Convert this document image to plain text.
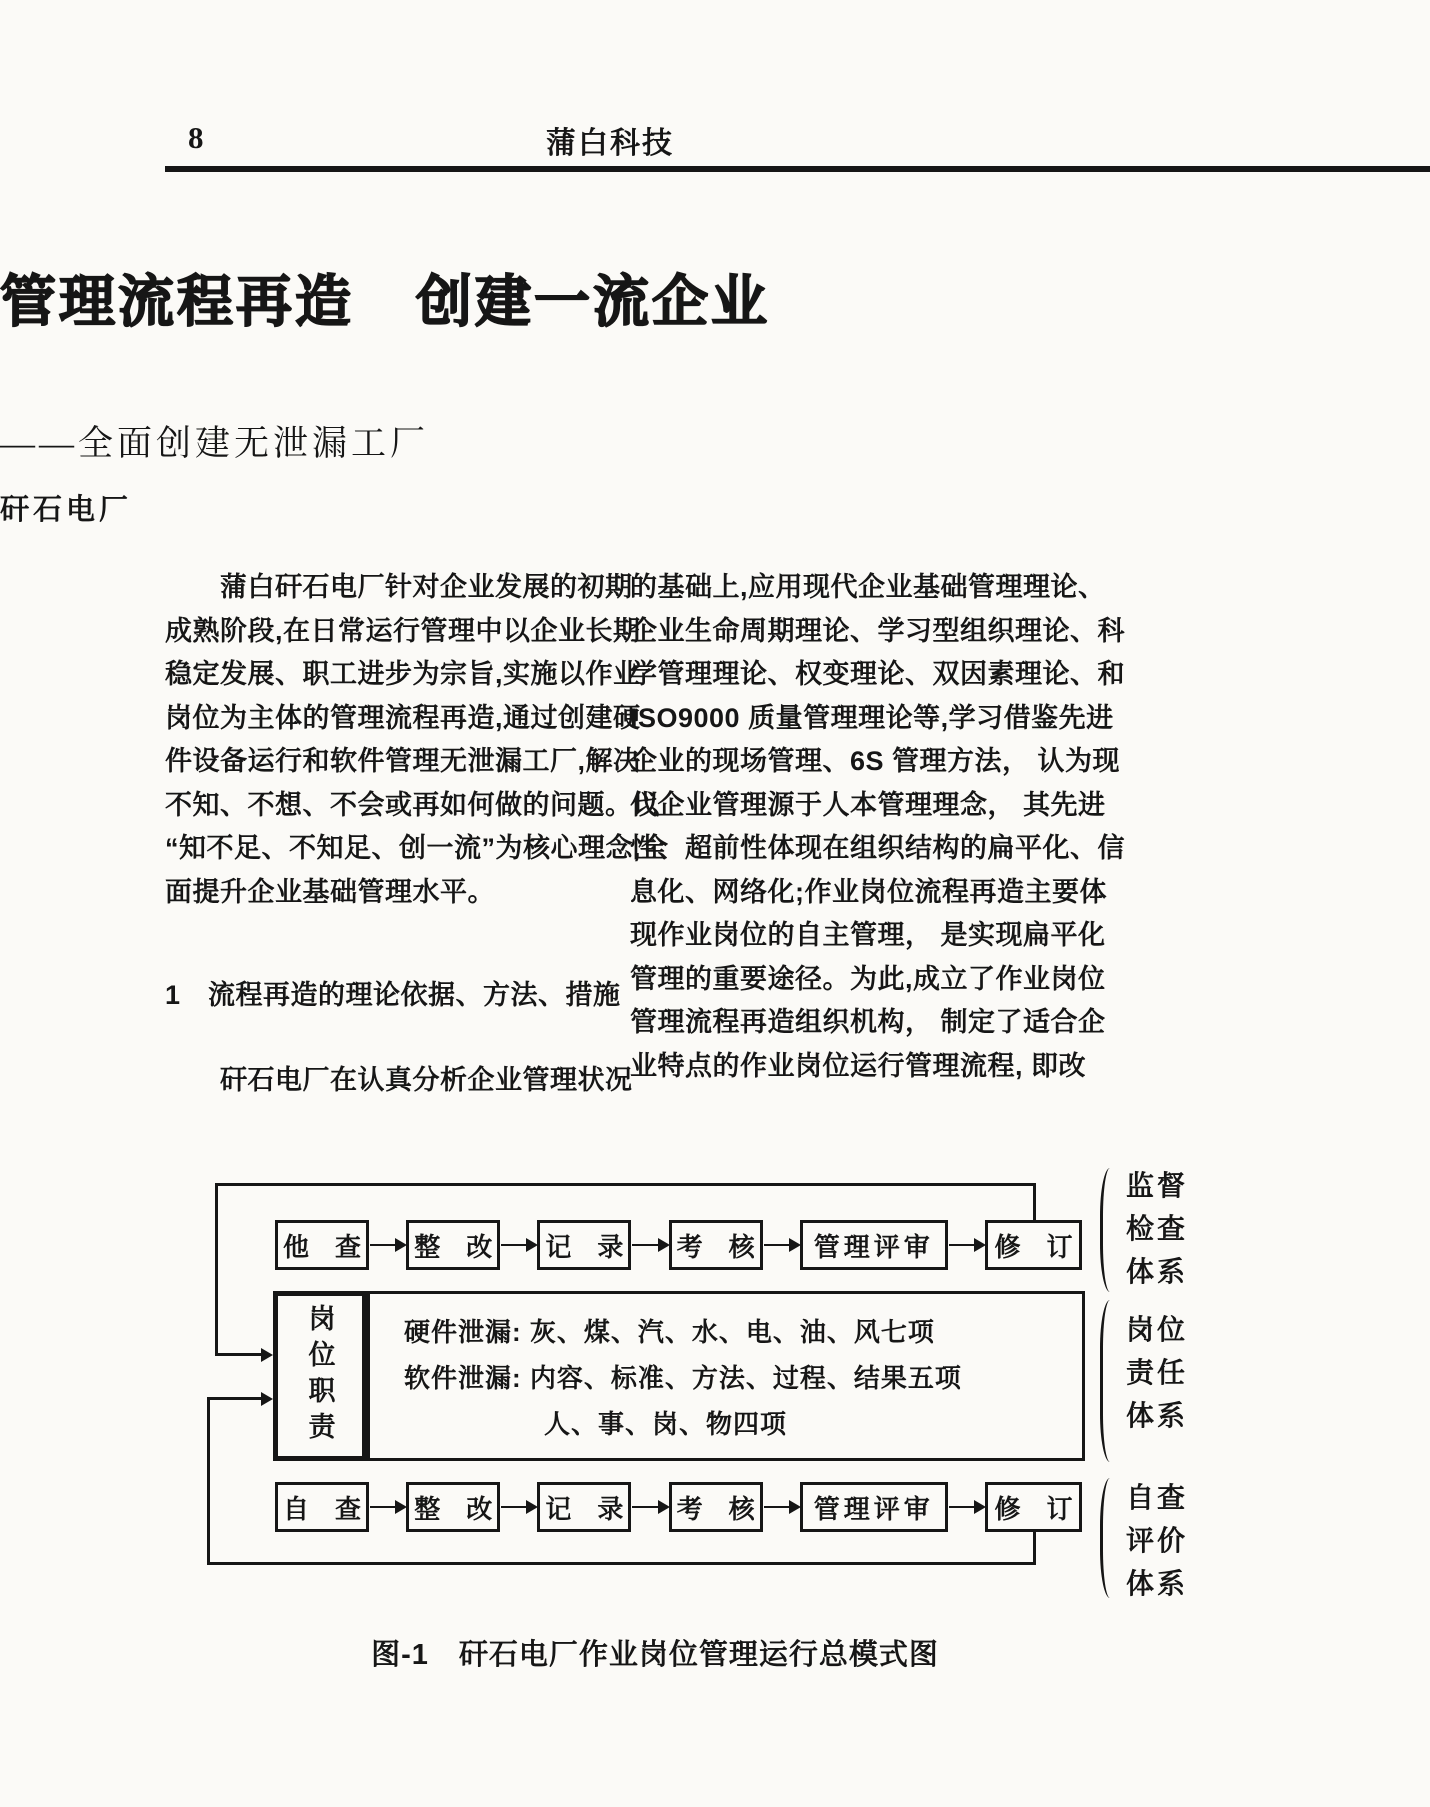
8	蒲白科技
管理流程再造 创建一流企业
——全面创建无泄漏工厂
矸石电厂
　　蒲白矸石电厂针对企业发展的初期
成熟阶段,在日常运行管理中以企业长期
稳定发展、职工进步为宗旨,实施以作业
岗位为主体的管理流程再造,通过创建硬
件设备运行和软件管理无泄漏工厂,解决
不知、不想、不会或再如何做的问题。以
“知不足、不知足、创一流”为核心理念,全
面提升企业基础管理水平。
1　流程再造的理论依据、方法、措施
　　矸石电厂在认真分析企业管理状况
的基础上,应用现代企业基础管理理论、
企业生命周期理论、学习型组织理论、科
学管理理论、权变理论、双因素理论、和
ISO9000 质量管理理论等,学习借鉴先进
企业的现场管理、6S 管理方法， 认为现
代企业管理源于人本管理理念， 其先进
性、超前性体现在组织结构的扁平化、信
息化、网络化;作业岗位流程再造主要体
现作业岗位的自主管理， 是实现扁平化
管理的重要途径。为此,成立了作业岗位
管理流程再造组织机构， 制定了适合企
业特点的作业岗位运行管理流程, 即改
他　查	整　改	记　录	考　核	管理评审	修　订
岗位职责	硬件泄漏: 灰、煤、汽、水、电、油、风七项
软件泄漏: 内容、标准、方法、过程、结果五项
人、事、岗、物四项
自　查	整　改	记　录	考　核	管理评审	修　订
监督
检查
体系
岗位
责任
体系
自查
评价
体系
图-1　矸石电厂作业岗位管理运行总模式图
